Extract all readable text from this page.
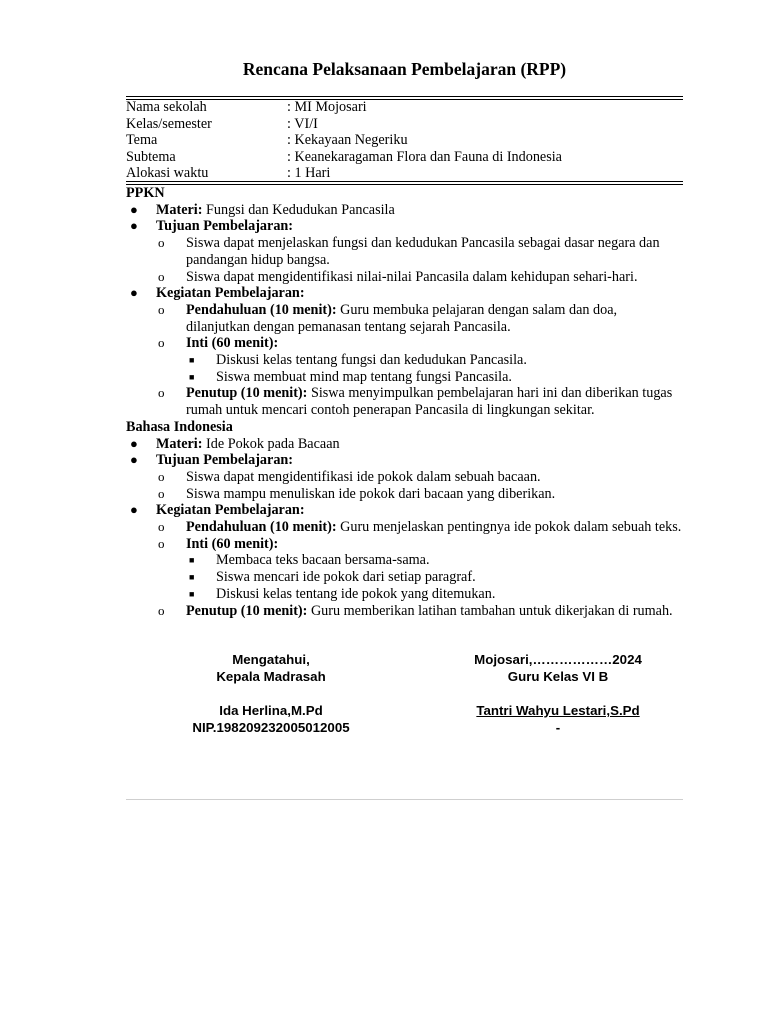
Rencana Pelaksanaan Pembelajaran (RPP)
Nama sekolah	: MI Mojosari
Kelas/semester	: VI/I
Tema	: Kekayaan Negeriku
Subtema	: Keanekaragaman Flora dan Fauna di Indonesia
Alokasi waktu	: 1 Hari
PPKN
● Materi: Fungsi dan Kedudukan Pancasila
● Tujuan Pembelajaran:
o Siswa dapat menjelaskan fungsi dan kedudukan Pancasila sebagai dasar negara dan pandangan hidup bangsa.
o Siswa dapat mengidentifikasi nilai-nilai Pancasila dalam kehidupan sehari-hari.
● Kegiatan Pembelajaran:
o Pendahuluan (10 menit): Guru membuka pelajaran dengan salam dan doa, dilanjutkan dengan pemanasan tentang sejarah Pancasila.
o Inti (60 menit):
■ Diskusi kelas tentang fungsi dan kedudukan Pancasila.
■ Siswa membuat mind map tentang fungsi Pancasila.
o Penutup (10 menit): Siswa menyimpulkan pembelajaran hari ini dan diberikan tugas rumah untuk mencari contoh penerapan Pancasila di lingkungan sekitar.
Bahasa Indonesia
● Materi: Ide Pokok pada Bacaan
● Tujuan Pembelajaran:
o Siswa dapat mengidentifikasi ide pokok dalam sebuah bacaan.
o Siswa mampu menuliskan ide pokok dari bacaan yang diberikan.
● Kegiatan Pembelajaran:
o Pendahuluan (10 menit): Guru menjelaskan pentingnya ide pokok dalam sebuah teks.
o Inti (60 menit):
■ Membaca teks bacaan bersama-sama.
■ Siswa mencari ide pokok dari setiap paragraf.
■ Diskusi kelas tentang ide pokok yang ditemukan.
o Penutup (10 menit): Guru memberikan latihan tambahan untuk dikerjakan di rumah.
Mengatahui,
Kepala Madrasah
Ida Herlina,M.Pd
NIP.198209232005012005
Mojosari,………………2024
Guru Kelas VI B
Tantri Wahyu Lestari,S.Pd
-
